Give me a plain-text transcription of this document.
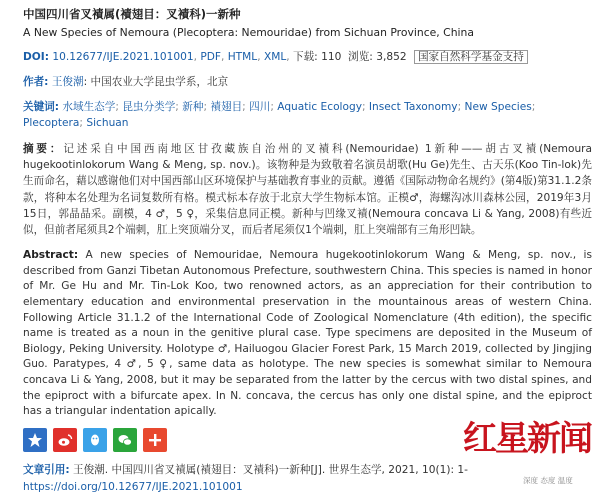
中国四川省叉襀属(襀翅目：叉襀科)一新种
A New Species of Nemoura (Plecoptera: Nemouridae) from Sichuan Province, China
DOI: 10.12677/IJE.2021.101001, PDF, HTML, XML, 下载: 110 浏览: 3,852 国家自然科学基金支持
作者: 王俊潮: 中国农业大学昆虫学系，北京
关键词: 水域生态学; 昆虫分类学; 新种; 襀翅目; 四川; Aquatic Ecology; Insect Taxonomy; New Species; Plecoptera; Sichuan
摘要：记述采自中国西南地区甘孜藏族自治州的叉襀科(Nemouridae) 1新种——胡古叉襀(Nemoura hugekootinlokorum Wang & Meng, sp. nov.)。该物种是为致敬着名演员胡歌(Hu Ge)先生、古天乐(Koo Tin-lok)先生而命名，藉以感谢他们对中国西部山区环境保护与基础教育事业的贡献。遵循《国际动物命名规约》(第4版)第31.1.2条款，将种本名处理为名词复数所有格。模式标本存放于北京大学生物标本馆。正模♂，海螺沟冰川森林公园，2019年3月15日，郭晶晶采。副模，4 ♂，5 ♀，采集信息同正模。新种与凹缘叉襀(Nemoura concava Li & Yang, 2008)有些近似，但前者尾须具2个端刺，肛上突顶端分叉，而后者尾须仅1个端刺，肛上突端部有三角形凹缺。
Abstract: A new species of Nemouridae, Nemoura hugekootinlokorum Wang & Meng, sp. nov., is described from Ganzi Tibetan Autonomous Prefecture, southwestern China. This species is named in honor of Mr. Ge Hu and Mr. Tin-Lok Koo, two renowned actors, as an appreciation for their contribution to elementary education and environmental preservation in the mountainous areas of western China. Following Article 31.1.2 of the International Code of Zoological Nomenclature (4th edition), the specific name is treated as a noun in the genitive plural case. Type specimens are deposited in the Museum of Biology, Peking University. Holotype ♂, Hailuogou Glacier Forest Park, 15 March 2019, collected by Jingjing Guo. Paratypes, 4 ♂, 5 ♀, same data as holotype. The new species is somewhat similar to Nemoura concava Li & Yang, 2008, but it may be separated from the latter by the cercus with two distal spines, and the epiproct with a bifurcate apex. In N. concava, the cercus has only one distal spine, and the epiproct has a triangular indentation apically.
文章引用: 王俊潮. 中国四川省叉襀属(襀翅目：叉襀科)一新种[J]. 世界生态学, 2021, 10(1): 1-
https://doi.org/10.12677/IJE.2021.101001
红星新闻
深度 态度 温度
